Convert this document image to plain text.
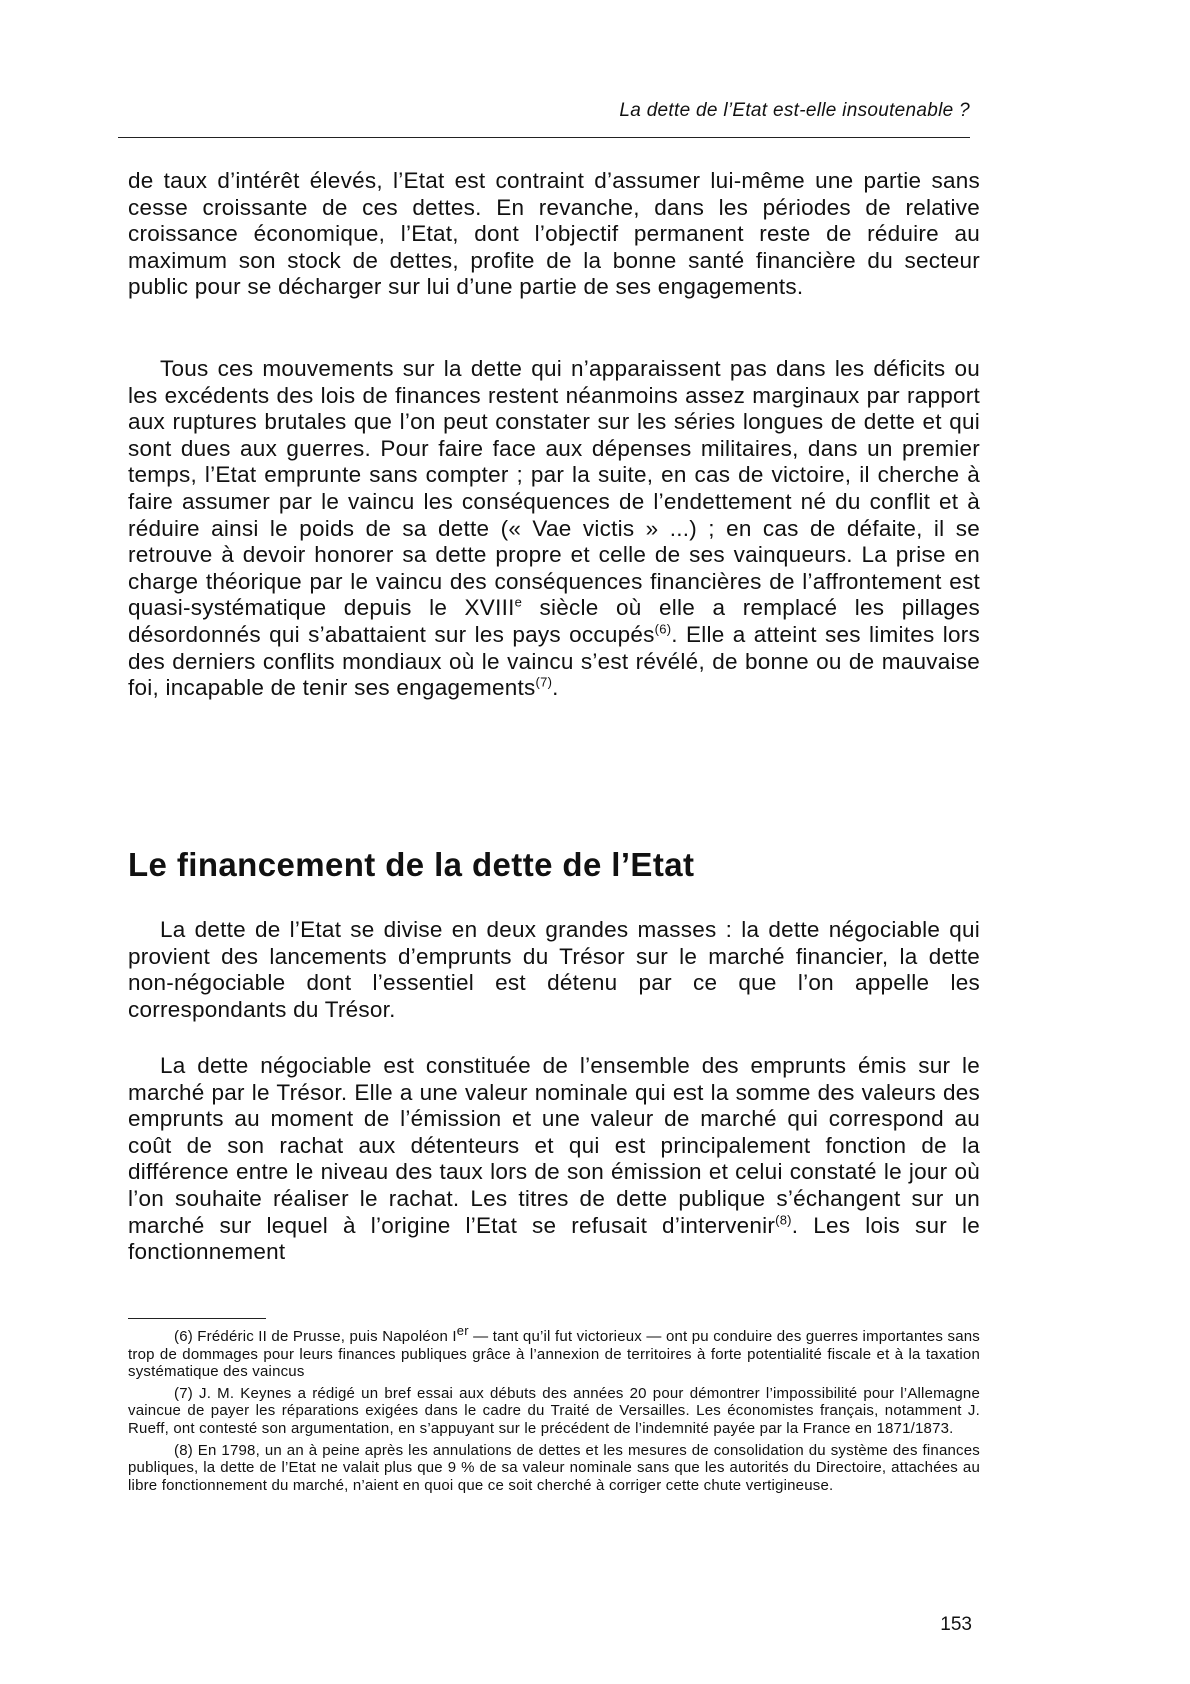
La dette de l’Etat est-elle insoutenable ?

de taux d’intérêt élevés, l’Etat est contraint d’assumer lui-même une partie sans cesse croissante de ces dettes. En revanche, dans les périodes de relative croissance économique, l’Etat, dont l’objectif permanent reste de réduire au maximum son stock de dettes, profite de la bonne santé financière du secteur public pour se décharger sur lui d’une partie de ses engagements.

Tous ces mouvements sur la dette qui n’apparaissent pas dans les déficits ou les excédents des lois de finances restent néanmoins assez marginaux par rapport aux ruptures brutales que l’on peut constater sur les séries longues de dette et qui sont dues aux guerres. Pour faire face aux dépenses militaires, dans un premier temps, l’Etat emprunte sans compter ; par la suite, en cas de victoire, il cherche à faire assumer par le vaincu les conséquences de l’endettement né du conflit et à réduire ainsi le poids de sa dette (« Vae victis » ...) ; en cas de défaite, il se retrouve à devoir honorer sa dette propre et celle de ses vainqueurs. La prise en charge théorique par le vaincu des conséquences financières de l’affrontement est quasi-systématique depuis le XVIIIe siècle où elle a remplacé les pillages désordonnés qui s’abattaient sur les pays occupés$^{(6)}$. Elle a atteint ses limites lors des derniers conflits mondiaux où le vaincu s’est révélé, de bonne ou de mauvaise foi, incapable de tenir ses engagements$^{(7)}$.

Le financement de la dette de l’Etat

La dette de l’Etat se divise en deux grandes masses : la dette négociable qui provient des lancements d’emprunts du Trésor sur le marché financier, la dette non-négociable dont l’essentiel est détenu par ce que l’on appelle les correspondants du Trésor.

La dette négociable est constituée de l’ensemble des emprunts émis sur le marché par le Trésor. Elle a une valeur nominale qui est la somme des valeurs des emprunts au moment de l’émission et une valeur de marché qui correspond au coût de son rachat aux détenteurs et qui est principalement fonction de la différence entre le niveau des taux lors de son émission et celui constaté le jour où l’on souhaite réaliser le rachat. Les titres de dette publique s’échangent sur un marché sur lequel à l’origine l’Etat se refusait d’intervenir$^{(8)}$. Les lois sur le fonctionnement

(6) Frédéric II de Prusse, puis Napoléon Ier — tant qu’il fut victorieux — ont pu conduire des guerres importantes sans trop de dommages pour leurs finances publiques grâce à l’annexion de territoires à forte potentialité fiscale et à la taxation systématique des vaincus

(7) J. M. Keynes a rédigé un bref essai aux débuts des années 20 pour démontrer l’impossibilité pour l’Allemagne vaincue de payer les réparations exigées dans le cadre du Traité de Versailles. Les économistes français, notamment J. Rueff, ont contesté son argumentation, en s’appuyant sur le précédent de l’indemnité payée par la France en 1871/1873.

(8) En 1798, un an à peine après les annulations de dettes et les mesures de consolidation du système des finances publiques, la dette de l’Etat ne valait plus que 9 % de sa valeur nominale sans que les autorités du Directoire, attachées au libre fonctionnement du marché, n’aient en quoi que ce soit cherché à corriger cette chute vertigineuse.

153
